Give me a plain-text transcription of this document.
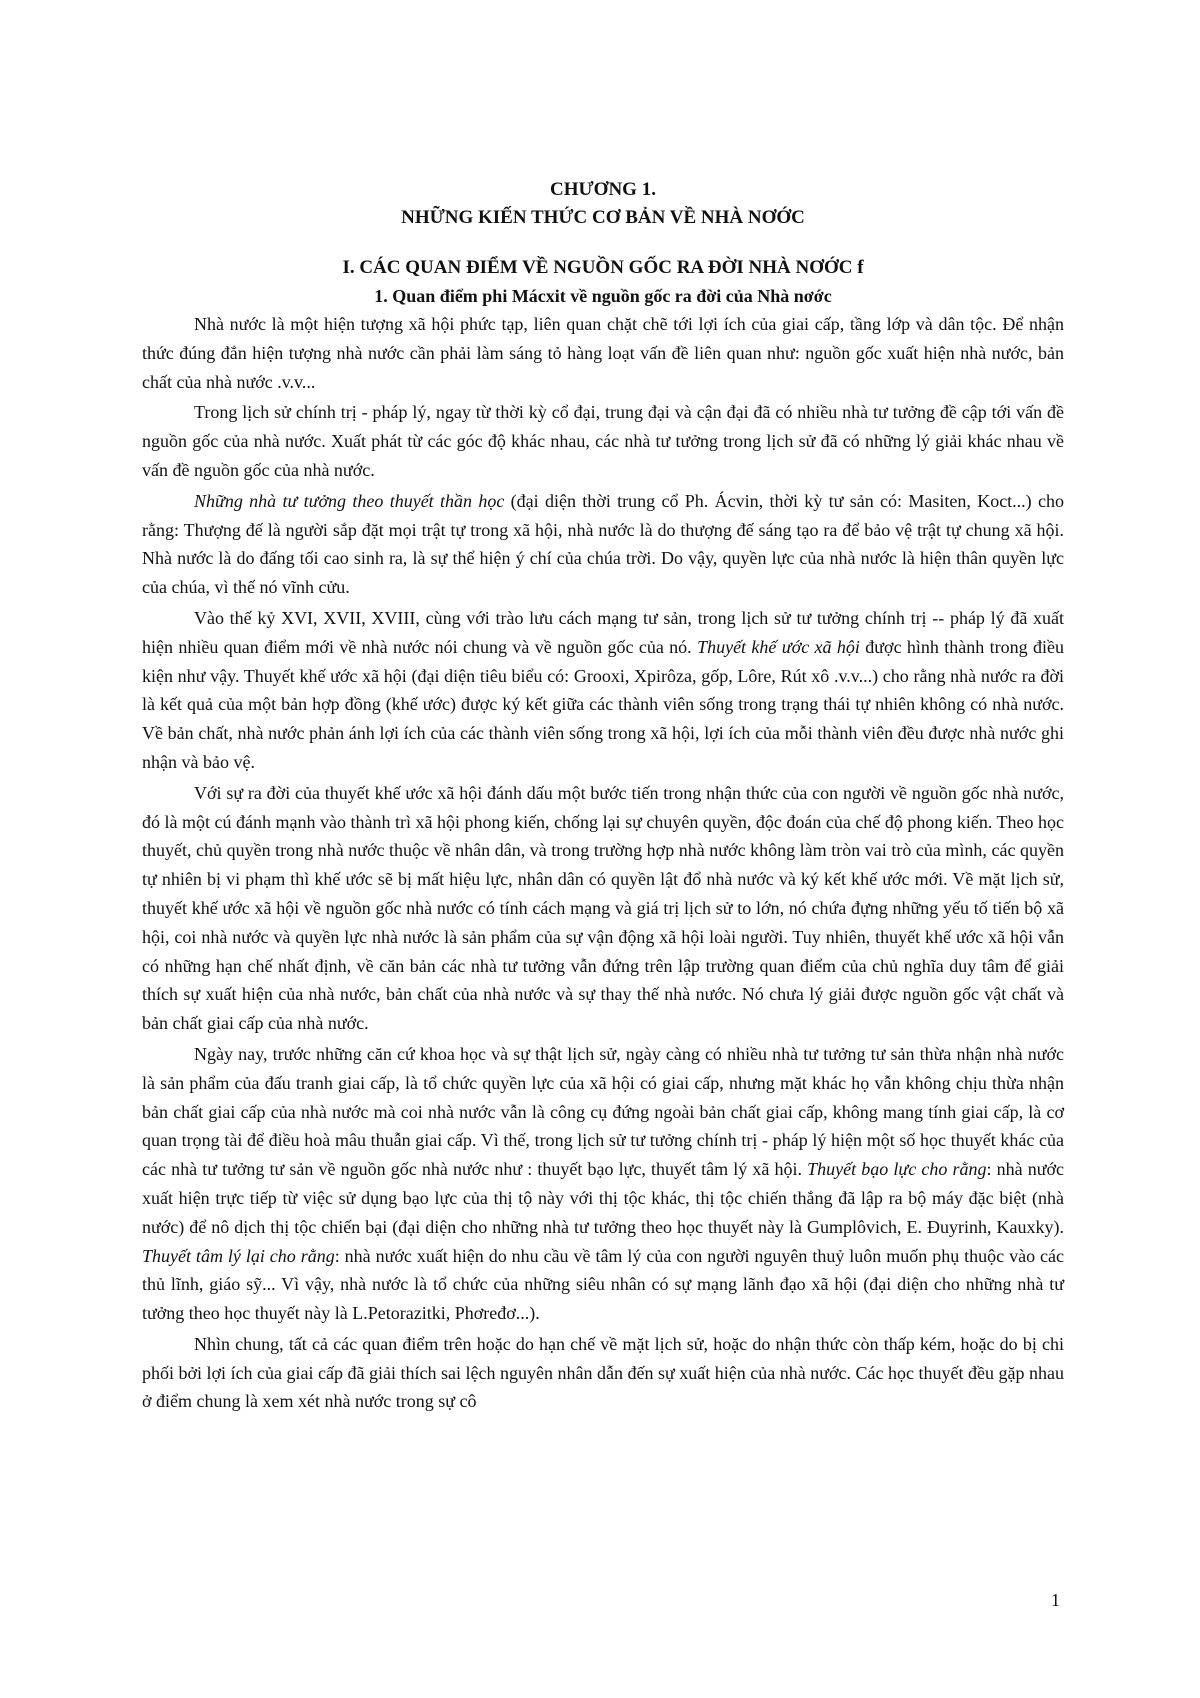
CHƯƠNG 1.

NHỮNG KIẾN THỨC CƠ BẢN VỀ NHÀ NƠỚC

I. CÁC QUAN ĐIỂM VỀ NGUỒN GỐC RA ĐỜI NHÀ NƠỚC f

1. Quan điểm phi Mácxit về nguồn gốc ra đời của Nhà nơớc

Nhà nước là một hiện tượng xã hội phức tạp, liên quan chặt chẽ tới lợi ích của giai cấp, tầng lớp và dân tộc. Để nhận thức đúng đắn hiện tượng nhà nước cần phải làm sáng tỏ hàng loạt vấn đề liên quan như: nguồn gốc xuất hiện nhà nước, bản chất của nhà nước .v.v...

Trong lịch sử chính trị - pháp lý, ngay từ thời kỳ cổ đại, trung đại và cận đại đã có nhiều nhà tư tưởng đề cập tới vấn đề nguồn gốc của nhà nước. Xuất phát từ các góc độ khác nhau, các nhà tư tưởng trong lịch sử đã có những lý giải khác nhau về vấn đề nguồn gốc của nhà nước.

Những nhà tư tưởng theo thuyết thần học (đại diện thời trung cổ Ph. Ácvin, thời kỳ tư sản có: Masiten, Koct...) cho rằng: Thượng đế là người sắp đặt mọi trật tự trong xã hội, nhà nước là do thượng đế sáng tạo ra để bảo vệ trật tự chung xã hội. Nhà nước là do đấng tối cao sinh ra, là sự thể hiện ý chí của chúa trời. Do vậy, quyền lực của nhà nước là hiện thân quyền lực của chúa, vì thế nó vĩnh cửu.

Vào thế kỷ XVI, XVII, XVIII, cùng với trào lưu cách mạng tư sản, trong lịch sử tư tưởng chính trị -- pháp lý đã xuất hiện nhiều quan điểm mới về nhà nước nói chung và về nguồn gốc của nó. Thuyết khế ước xã hội được hình thành trong điều kiện như vậy. Thuyết khế ước xã hội (đại diện tiêu biểu có: Grooxi, Xpirôza, gốp, Lôre, Rút xô .v.v...) cho rằng nhà nước ra đời là kết quả của một bản hợp đồng (khế ước) được ký kết giữa các thành viên sống trong trạng thái tự nhiên không có nhà nước. Về bản chất, nhà nước phản ánh lợi ích của các thành viên sống trong xã hội, lợi ích của mỗi thành viên đều được nhà nước ghi nhận và bảo vệ.

Với sự ra đời của thuyết khế ước xã hội đánh dấu một bước tiến trong nhận thức của con người về nguồn gốc nhà nước, đó là một cú đánh mạnh vào thành trì xã hội phong kiến, chống lại sự chuyên quyền, độc đoán của chế độ phong kiến. Theo học thuyết, chủ quyền trong nhà nước thuộc về nhân dân, và trong trường hợp nhà nước không làm tròn vai trò của mình, các quyền tự nhiên bị vi phạm thì khế ước sẽ bị mất hiệu lực, nhân dân có quyền lật đổ nhà nước và ký kết khế ước mới. Về mặt lịch sử, thuyết khế ước xã hội về nguồn gốc nhà nước có tính cách mạng và giá trị lịch sử to lớn, nó chứa đựng những yếu tố tiến bộ xã hội, coi nhà nước và quyền lực nhà nước là sản phẩm của sự vận động xã hội loài người. Tuy nhiên, thuyết khế ước xã hội vẫn có những hạn chế nhất định, về căn bản các nhà tư tưởng vẫn đứng trên lập trường quan điểm của chủ nghĩa duy tâm để giải thích sự xuất hiện của nhà nước, bản chất của nhà nước và sự thay thế nhà nước. Nó chưa lý giải được nguồn gốc vật chất và bản chất giai cấp của nhà nước.

Ngày nay, trước những căn cứ khoa học và sự thật lịch sử, ngày càng có nhiều nhà tư tưởng tư sản thừa nhận nhà nước là sản phẩm của đấu tranh giai cấp, là tổ chức quyền lực của xã hội có giai cấp, nhưng mặt khác họ vẫn không chịu thừa nhận bản chất giai cấp của nhà nước mà coi nhà nước vẫn là công cụ đứng ngoài bản chất giai cấp, không mang tính giai cấp, là cơ quan trọng tài để điều hoà mâu thuẫn giai cấp. Vì thế, trong lịch sử tư tưởng chính trị - pháp lý hiện một số học thuyết khác của các nhà tư tưởng tư sản về nguồn gốc nhà nước như : thuyết bạo lực, thuyết tâm lý xã hội. Thuyết bạo lực cho rằng: nhà nước xuất hiện trực tiếp từ việc sử dụng bạo lực của thị tộ này với thị tộc khác, thị tộc chiến thắng đã lập ra bộ máy đặc biệt (nhà nước) để nô dịch thị tộc chiến bại (đại diện cho những nhà tư tưởng theo học thuyết này là Gumplôvich, E. Đuyrinh, Kauxky). Thuyết tâm lý lại cho rằng: nhà nước xuất hiện do nhu cầu về tâm lý của con người nguyên thuỷ luôn muốn phụ thuộc vào các thủ lĩnh, giáo sỹ... Vì vậy, nhà nước là tổ chức của những siêu nhân có sự mạng lãnh đạo xã hội (đại diện cho những nhà tư tưởng theo học thuyết này là L.Petorazitki, Phơređơ...).

Nhìn chung, tất cả các quan điểm trên hoặc do hạn chế về mặt lịch sử, hoặc do nhận thức còn thấp kém, hoặc do bị chi phối bởi lợi ích của giai cấp đã giải thích sai lệch nguyên nhân dẫn đến sự xuất hiện của nhà nước. Các học thuyết đều gặp nhau ở điểm chung là xem xét nhà nước trong sự cô

1
